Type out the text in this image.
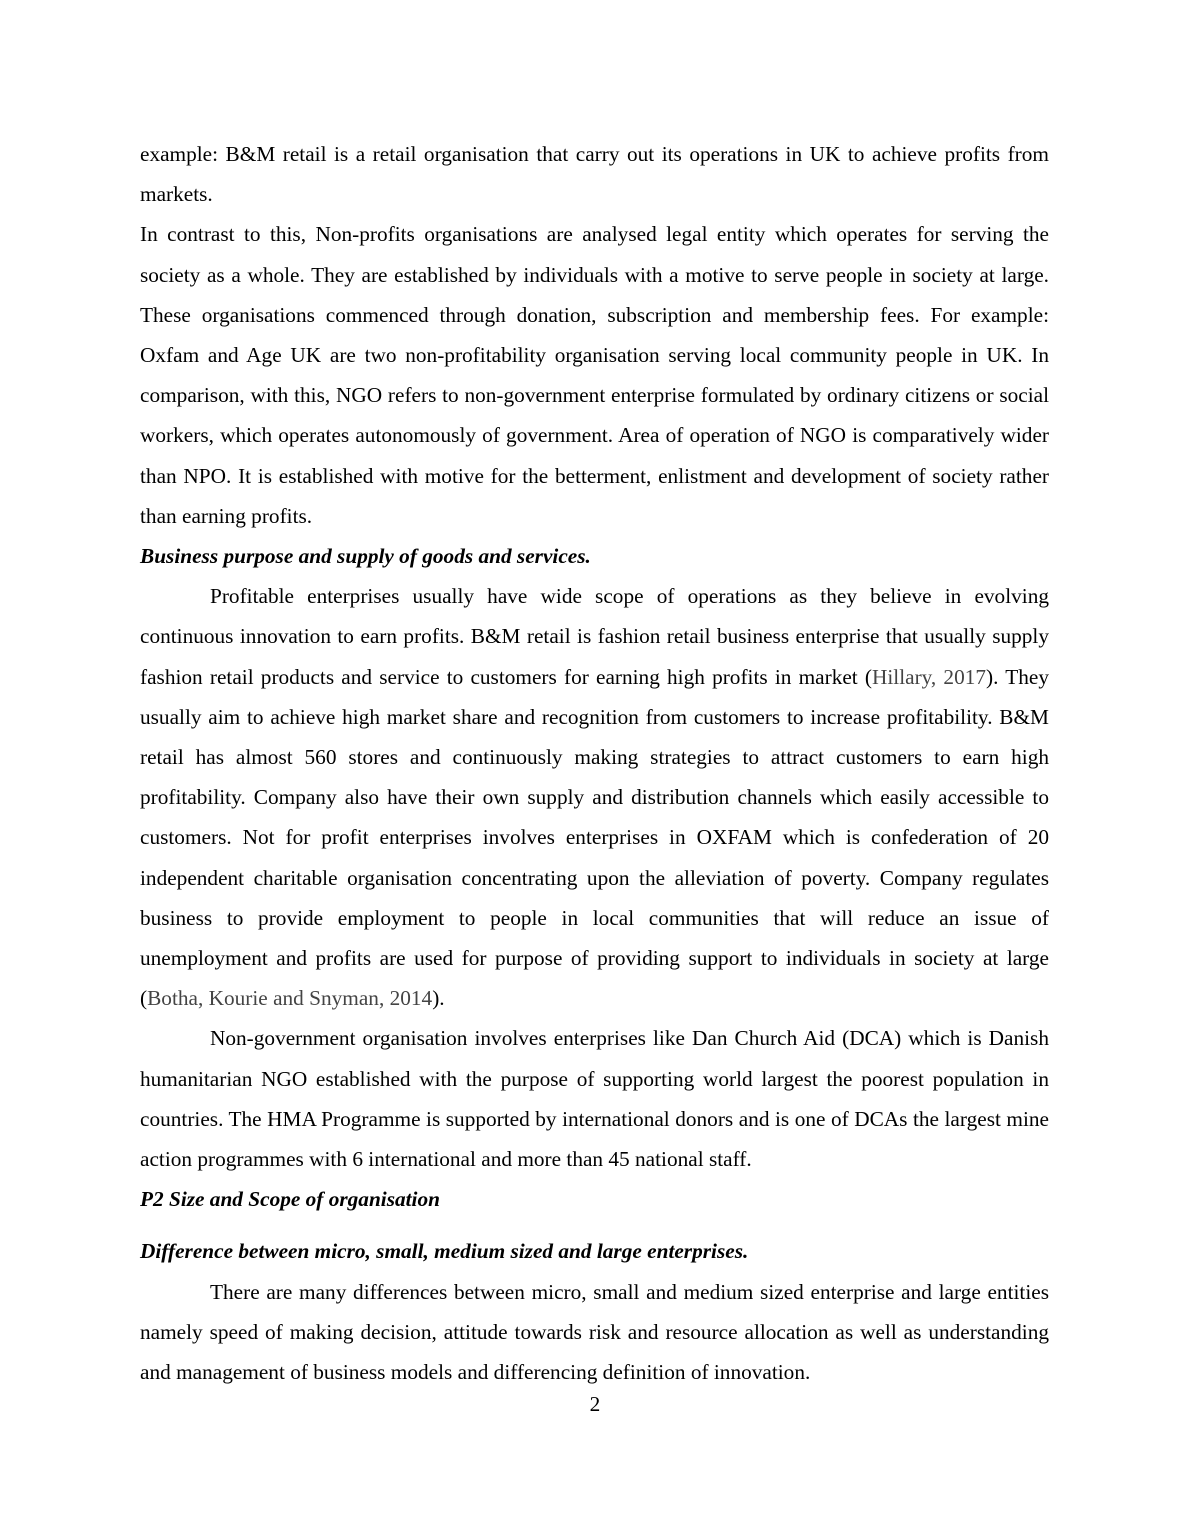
example: B&M retail is a retail organisation that carry out its operations in UK to achieve profits from markets.

In contrast to this, Non-profits organisations are analysed legal entity which operates for serving the society as a whole. They are established by individuals with a motive to serve people in society at large. These organisations commenced through donation, subscription and membership fees. For example: Oxfam and Age UK are two non-profitability organisation serving local community people in UK. In comparison, with this, NGO refers to non-government enterprise formulated by ordinary citizens or social workers, which operates autonomously of government. Area of operation of NGO is comparatively wider than NPO. It is established with motive for the betterment, enlistment and development of society rather than earning profits.

Business purpose and supply of goods and services.

Profitable enterprises usually have wide scope of operations as they believe in evolving continuous innovation to earn profits. B&M retail is fashion retail business enterprise that usually supply fashion retail products and service to customers for earning high profits in market (Hillary, 2017). They usually aim to achieve high market share and recognition from customers to increase profitability. B&M retail has almost 560 stores and continuously making strategies to attract customers to earn high profitability. Company also have their own supply and distribution channels which easily accessible to customers. Not for profit enterprises involves enterprises in OXFAM which is confederation of 20 independent charitable organisation concentrating upon the alleviation of poverty. Company regulates business to provide employment to people in local communities that will reduce an issue of unemployment and profits are used for purpose of providing support to individuals in society at large (Botha, Kourie and Snyman, 2014).

Non-government organisation involves enterprises like Dan Church Aid (DCA) which is Danish humanitarian NGO established with the purpose of supporting world largest the poorest population in countries. The HMA Programme is supported by international donors and is one of DCAs the largest mine action programmes with 6 international and more than 45 national staff.

P2 Size and Scope of organisation
Difference between micro, small, medium sized and large enterprises.

There are many differences between micro, small and medium sized enterprise and large entities namely speed of making decision, attitude towards risk and resource allocation as well as understanding and management of business models and differencing definition of innovation.

2
